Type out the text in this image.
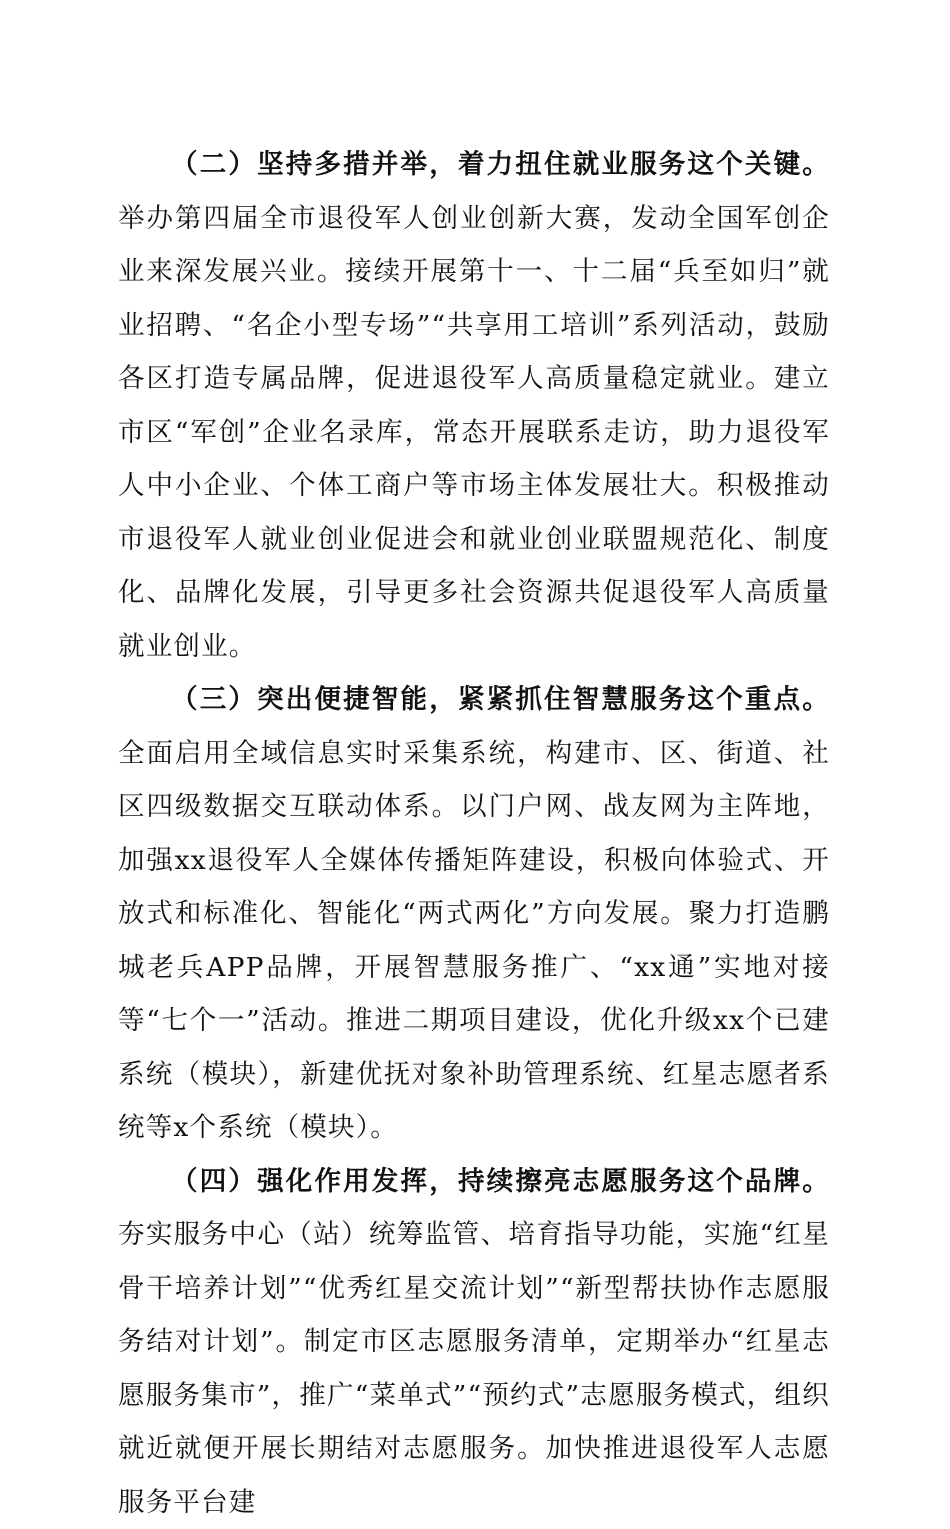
（二）坚持多措并举，着力扭住就业服务这个关键。举办第四届全市退役军人创业创新大赛，发动全国军创企业来深发展兴业。接续开展第十一、十二届“兵至如归”就业招聘、“名企小型专场”“共享用工培训”系列活动，鼓励各区打造专属品牌，促进退役军人高质量稳定就业。建立市区“军创”企业名录库，常态开展联系走访，助力退役军人中小企业、个体工商户等市场主体发展壮大。积极推动市退役军人就业创业促进会和就业创业联盟规范化、制度化、品牌化发展，引导更多社会资源共促退役军人高质量就业创业。

（三）突出便捷智能，紧紧抓住智慧服务这个重点。全面启用全域信息实时采集系统，构建市、区、街道、社区四级数据交互联动体系。以门户网、战友网为主阵地，加强xx退役军人全媒体传播矩阵建设，积极向体验式、开放式和标准化、智能化“两式两化”方向发展。聚力打造鹏城老兵APP品牌，开展智慧服务推广、“xx通”实地对接等“七个一”活动。推进二期项目建设，优化升级xx个已建系统（模块），新建优抚对象补助管理系统、红星志愿者系统等x个系统（模块）。

（四）强化作用发挥，持续擦亮志愿服务这个品牌。夯实服务中心（站）统筹监管、培育指导功能，实施“红星骨干培养计划”“优秀红星交流计划”“新型帮扶协作志愿服务结对计划”。制定市区志愿服务清单，定期举办“红星志愿服务集市”，推广“菜单式”“预约式”志愿服务模式，组织就近就便开展长期结对志愿服务。加快推进退役军人志愿服务平台建
